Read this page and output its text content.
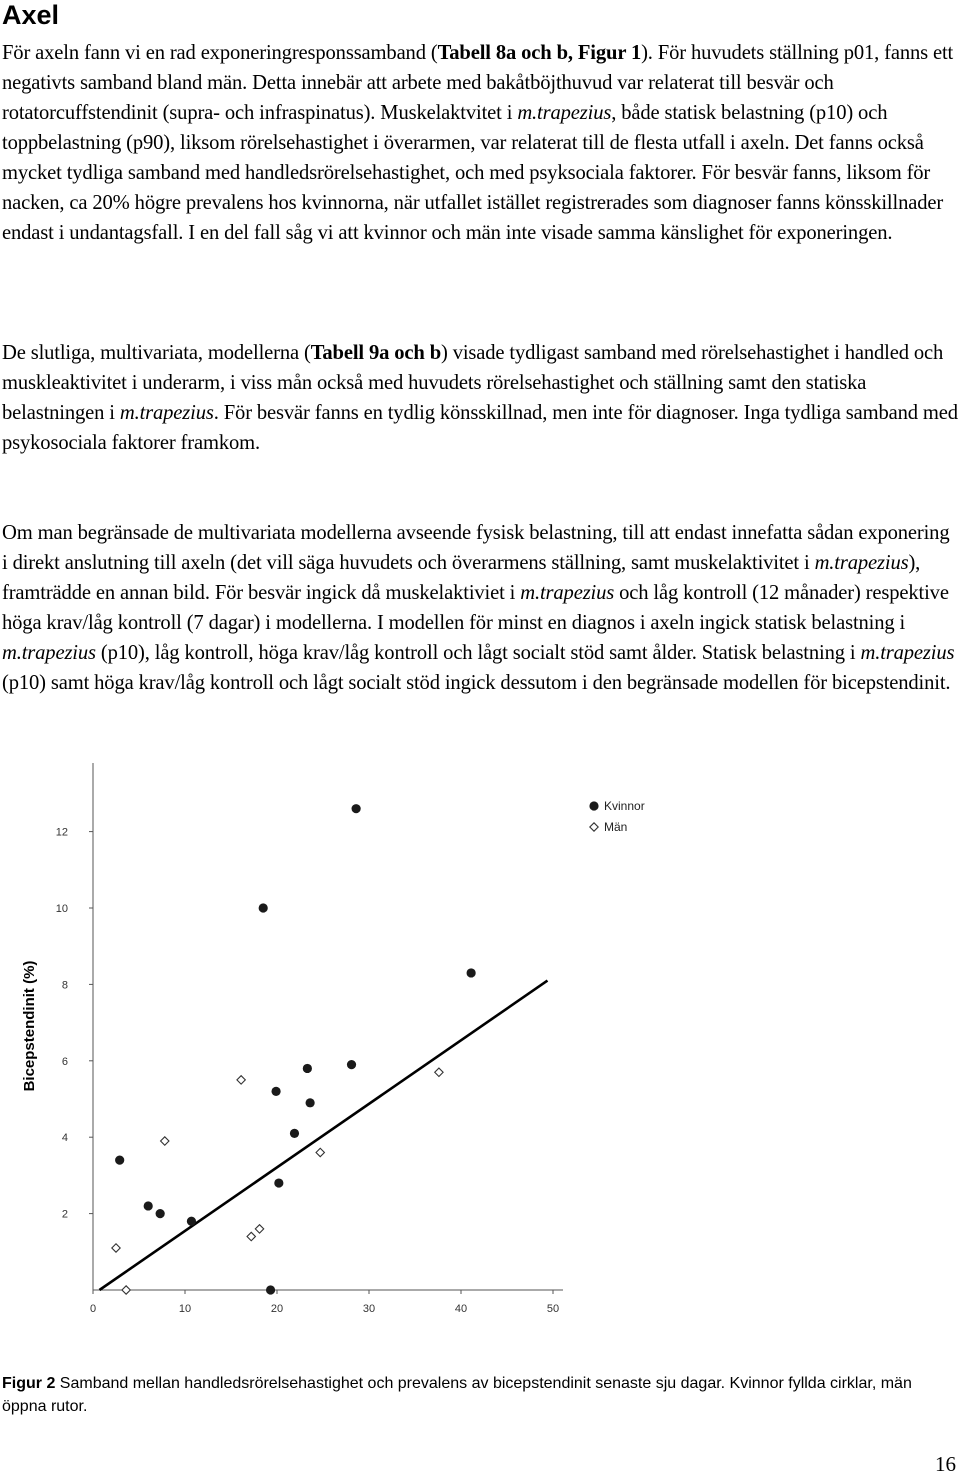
Axel

För axeln fann vi en rad exponeringresponssamband (Tabell 8a och b, Figur 1). För huvudets ställning p01, fanns ett negativts samband bland män. Detta innebär att arbete med bakåtböjthuvud var relaterat till besvär och rotatorcuffstendinit (supra- och infraspinatus). Muskelaktvitet i m.trapezius, både statisk belastning (p10) och toppbelastning (p90), liksom rörelsehastighet i överarmen, var relaterat till de flesta utfall i axeln. Det fanns också mycket tydliga samband med handledsrörelsehastighet, och med psyksociala faktorer. För besvär fanns, liksom för nacken, ca 20% högre prevalens hos kvinnorna, när utfallet istället registrerades som diagnoser fanns könsskillnader endast i undantagsfall. I en del fall såg vi att kvinnor och män inte visade samma känslighet för exponeringen.

De slutliga, multivariata, modellerna (Tabell 9a och b) visade tydligast samband med rörelsehastighet i handled och muskleaktivitet i underarm, i viss mån också med huvudets rörelsehastighet och ställning samt den statiska belastningen i m.trapezius. För besvär fanns en tydlig könsskillnad, men inte för diagnoser. Inga tydliga samband med psykosociala faktorer framkom.

Om man begränsade de multivariata modellerna avseende fysisk belastning, till att endast innefatta sådan exponering i direkt anslutning till axeln (det vill säga huvudets och överarmens ställning, samt muskelaktivitet i m.trapezius), framträdde en annan bild. För besvär ingick då muskelaktiviet i m.trapezius och låg kontroll (12 månader) respektive höga krav/låg kontroll (7 dagar) i modellerna. I modellen för minst en diagnos i axeln ingick statisk belastning i m.trapezius (p10), låg kontroll, höga krav/låg kontroll och lågt socialt stöd samt ålder. Statisk belastning i m.trapezius (p10) samt höga krav/låg kontroll och lågt socialt stöd ingick dessutom i den begränsade modellen för bicepstendinit.

0	10	20	30	40	50
2
4
6
8
10
12
Kvinnor
Män
Bicepstendinit (%)

Figur 2 Samband mellan handledsrörelsehastighet och prevalens av bicepstendinit senaste sju dagar. Kvinnor fyllda cirklar, män öppna rutor.

16
